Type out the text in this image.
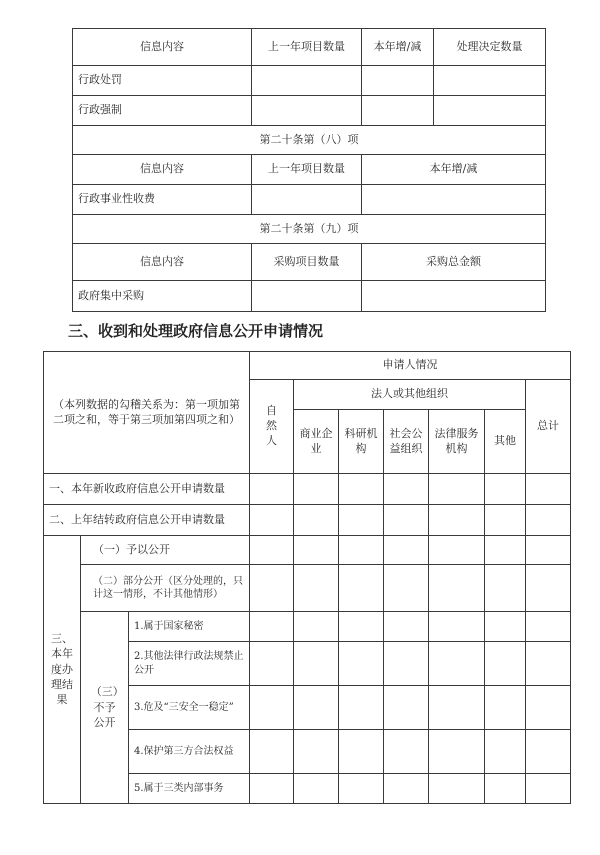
信息内容	上一年项目数量	本年增/减	处理决定数量
行政处罚			
行政强制			
第二十条第（八）项			
信息内容	上一年项目数量	本年增/减	
行政事业性收费			
第二十条第（九）项			
信息内容	采购项目数量	采购总金额	
政府集中采购			
三、收到和处理政府信息公开申请情况
（本列数据的勾稽关系为：第一项加第二项之和，等于第三项加第四项之和）			申请人情况						
			自然人	法人或其他组织					总计
				商业企业	科研机构	社会公益组织	法律服务机构	其他	
一、本年新收政府信息公开申请数量									
二、上年结转政府信息公开申请数量									
三、本年度办理结果	（一）予以公开								
	（二）部分公开（区分处理的，只计这一情形，不计其他情形）								
	（三）不予公开	1.属于国家秘密							
		2.其他法律行政法规禁止公开							
		3.危及“三安全一稳定”							
		4.保护第三方合法权益							
		5.属于三类内部事务							
